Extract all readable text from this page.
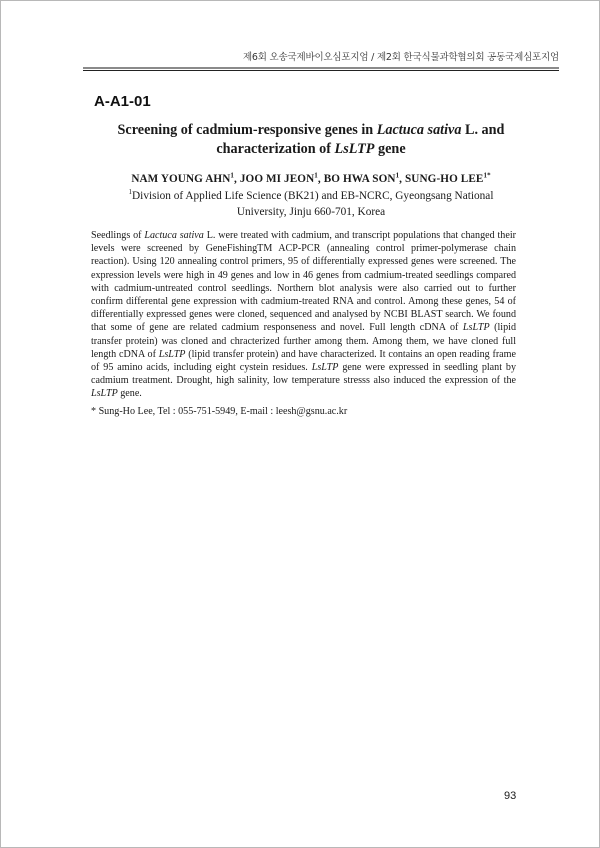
제6회 오송국제바이오심포지엄 / 제2회 한국식물과학협의회 공동국제심포지엄
A-A1-01
Screening of cadmium-responsive genes in Lactuca sativa L. and
characterization of LsLTP gene
NAM YOUNG AHN$^1$, JOO MI JEON$^1$, BO HWA SON$^1$, SUNG-HO $LEE^{1*}$
$^1$Division of Applied Life Science (BK21) and EB-NCRC, Gyeongsang National
University, Jinju 660-701, Korea

Seedlings of Lactuca sativa L. were treated with cadmium, and transcript populations that changed their levels were screened by GeneFishingTM ACP-PCR (annealing control primer-polymerase chain reaction). Using 120 annealing control primers, 95 of differentially expressed genes were screened. The expression levels were high in 49 genes and low in 46 genes from cadmium-treated seedlings compared with cadmium-untreated control seedlings. Northern blot analysis were also carried out to further confirm differental gene expression with cadmium-treated RNA and control. Among these genes, 54 of differentially expressed genes were cloned, sequenced and analysed by NCBI BLAST search. We found that some of gene are related cadmium responseness and novel. Full length cDNA of LsLTP (lipid transfer protein) was cloned and chracterized further among them. Among them, we have cloned full length cDNA of LsLTP (lipid transfer protein) and have characterized. It contains an open reading frame of 95 amino acids, including eight cystein residues. LsLTP gene were expressed in seedling plant by cadmium treatment. Drought, high salinity, low temperature stresss also induced the expression of the LsLTP gene.

* Sung-Ho Lee, Tel : 055-751-5949, E-mail : leesh@gsnu.ac.kr
93
